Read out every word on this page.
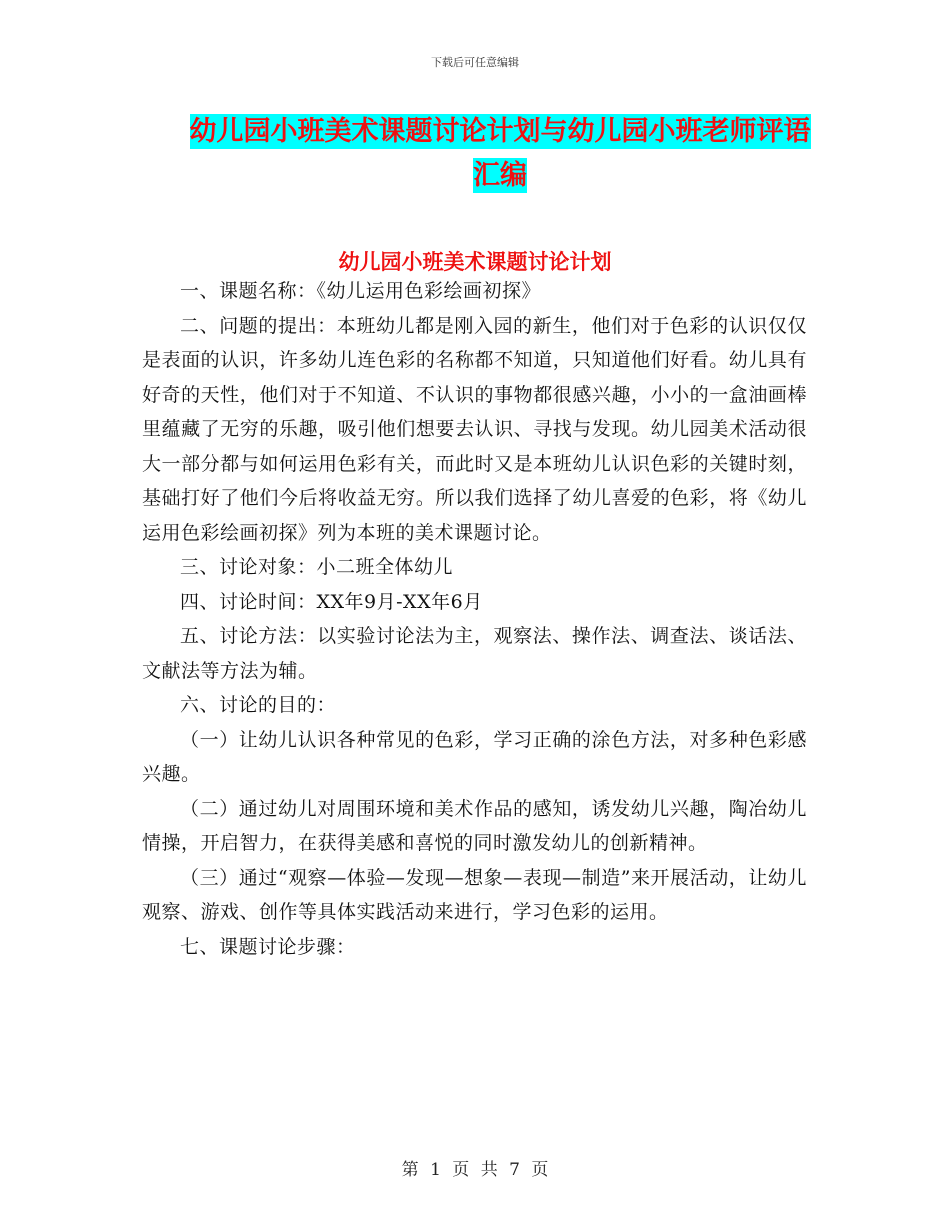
下载后可任意编辑
幼儿园小班美术课题讨论计划与幼儿园小班老师评语
汇编
幼儿园小班美术课题讨论计划

一、课题名称：《幼儿运用色彩绘画初探》

二、问题的提出：本班幼儿都是刚入园的新生，他们对于色彩的认识仅仅是表面的认识，许多幼儿连色彩的名称都不知道，只知道他们好看。幼儿具有好奇的天性，他们对于不知道、不认识的事物都很感兴趣，小小的一盒油画棒里蕴藏了无穷的乐趣，吸引他们想要去认识、寻找与发现。幼儿园美术活动很大一部分都与如何运用色彩有关，而此时又是本班幼儿认识色彩的关键时刻，基础打好了他们今后将收益无穷。所以我们选择了幼儿喜爱的色彩，将《幼儿运用色彩绘画初探》列为本班的美术课题讨论。

三、讨论对象：小二班全体幼儿

四、讨论时间：XX年9月-XX年6月

五、讨论方法：以实验讨论法为主，观察法、操作法、调查法、谈话法、文献法等方法为辅。

六、讨论的目的：

（一）让幼儿认识各种常见的色彩，学习正确的涂色方法，对多种色彩感兴趣。

（二）通过幼儿对周围环境和美术作品的感知，诱发幼儿兴趣，陶冶幼儿情操，开启智力，在获得美感和喜悦的同时激发幼儿的创新精神。

（三）通过“观察—体验—发现—想象—表现—制造”来开展活动，让幼儿观察、游戏、创作等具体实践活动来进行，学习色彩的运用。

七、课题讨论步骤：

第 1 页 共 7 页
